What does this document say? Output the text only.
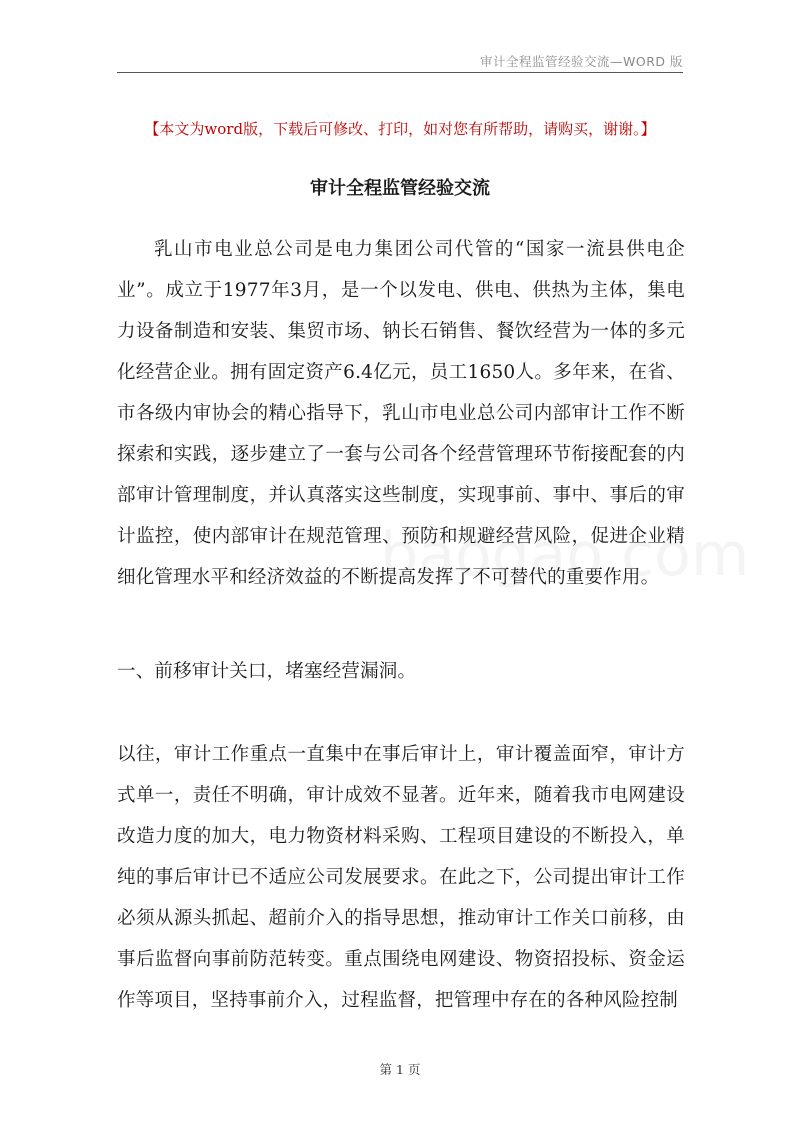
审计全程监管经验交流—WORD 版
【本文为word版，下载后可修改、打印，如对您有所帮助，请购买，谢谢。】
审计全程监管经验交流
乳山市电业总公司是电力集团公司代管的“国家一流县供电企业”。成立于1977年3月，是一个以发电、供电、供热为主体，集电力设备制造和安装、集贸市场、钠长石销售、餐饮经营为一体的多元化经营企业。拥有固定资产6.4亿元，员工1650人。多年来，在省、市各级内审协会的精心指导下，乳山市电业总公司内部审计工作不断探索和实践，逐步建立了一套与公司各个经营管理环节衔接配套的内部审计管理制度，并认真落实这些制度，实现事前、事中、事后的审计监控，使内部审计在规范管理、预防和规避经营风险，促进企业精细化管理水平和经济效益的不断提高发挥了不可替代的重要作用。
一、前移审计关口，堵塞经营漏洞。
以往，审计工作重点一直集中在事后审计上，审计覆盖面窄，审计方式单一，责任不明确，审计成效不显著。近年来，随着我市电网建设改造力度的加大，电力物资材料采购、工程项目建设的不断投入，单纯的事后审计已不适应公司发展要求。在此之下，公司提出审计工作必须从源头抓起、超前介入的指导思想，推动审计工作关口前移，由事后监督向事前防范转变。重点围绕电网建设、物资招投标、资金运作等项目，坚持事前介入，过程监督，把管理中存在的各种风险控制
第 1 页
